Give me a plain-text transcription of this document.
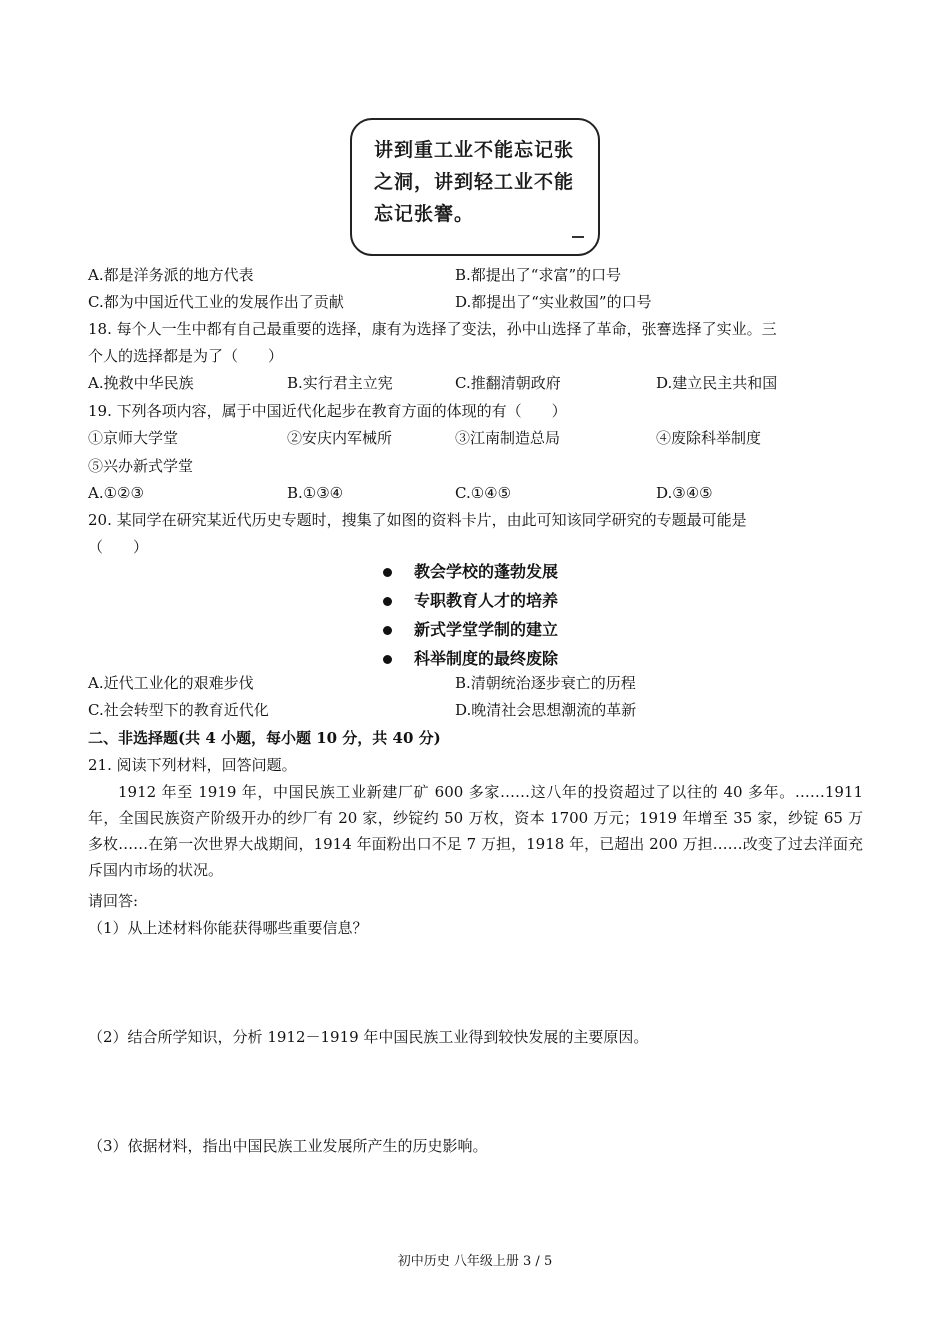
讲到重工业不能忘记张之洞，讲到轻工业不能忘记张謇。
A.都是洋务派的地方代表	B.都提出了“求富”的口号
C.都为中国近代工业的发展作出了贡献	D.都提出了“实业救国”的口号
18. 每个人一生中都有自己最重要的选择，康有为选择了变法，孙中山选择了革命，张謇选择了实业。三
个人的选择都是为了（　　）
A.挽救中华民族	B.实行君主立宪	C.推翻清朝政府	D.建立民主共和国
19. 下列各项内容，属于中国近代化起步在教育方面的体现的有（　　）
①京师大学堂	②安庆内军械所	③江南制造总局	④废除科举制度
⑤兴办新式学堂
A.①②③	B.①③④	C.①④⑤	D.③④⑤
20. 某同学在研究某近代历史专题时，搜集了如图的资料卡片，由此可知该同学研究的专题最可能是
（　　）
教会学校的蓬勃发展
专职教育人才的培养
新式学堂学制的建立
科举制度的最终废除
A.近代工业化的艰难步伐	B.清朝统治逐步衰亡的历程
C.社会转型下的教育近代化	D.晚清社会思想潮流的革新
二、非选择题(共 4 小题，每小题 10 分，共 40 分)
21. 阅读下列材料，回答问题。
1912 年至 1919 年，中国民族工业新建厂矿 600 多家……这八年的投资超过了以往的 40 多年。……1911 年，全国民族资产阶级开办的纱厂有 20 家，纱锭约 50 万枚，资本 1700 万元；1919 年增至 35 家，纱锭 65 万多枚……在第一次世界大战期间，1914 年面粉出口不足 7 万担，1918 年，已超出 200 万担……改变了过去洋面充斥国内市场的状况。
请回答:
（1）从上述材料你能获得哪些重要信息？
（2）结合所学知识，分析 1912－1919 年中国民族工业得到较快发展的主要原因。
（3）依据材料，指出中国民族工业发展所产生的历史影响。
初中历史 八年级上册 3 / 5
